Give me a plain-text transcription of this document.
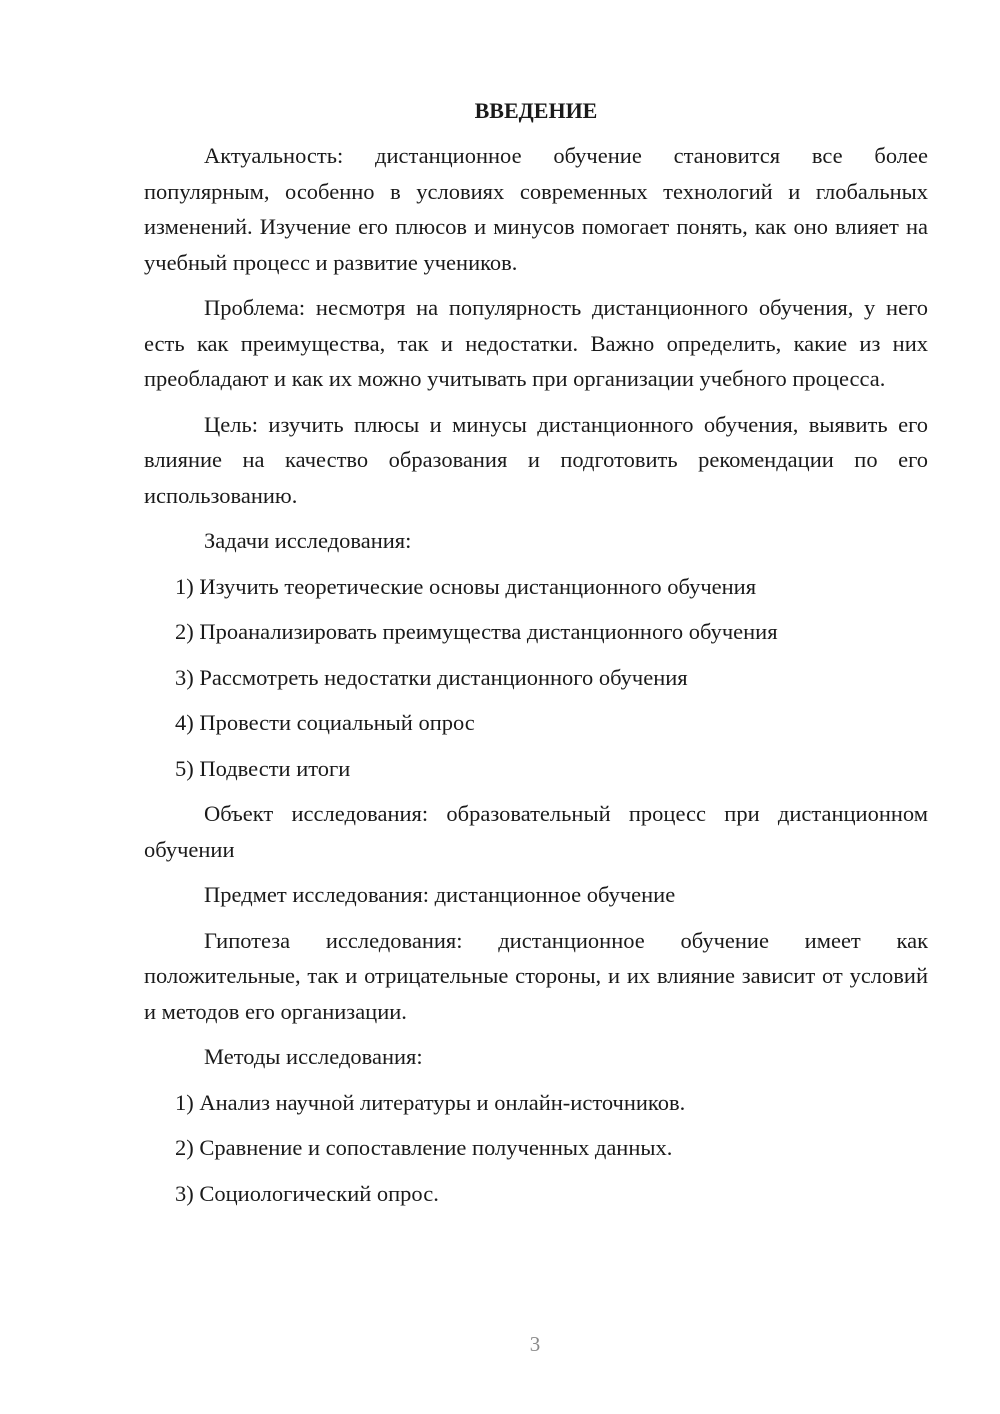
ВВЕДЕНИЕ

Актуальность: дистанционное обучение становится все более популярным, особенно в условиях современных технологий и глобальных изменений. Изучение его плюсов и минусов помогает понять, как оно влияет на учебный процесс и развитие учеников.

Проблема: несмотря на популярность дистанционного обучения, у него есть как преимущества, так и недостатки. Важно определить, какие из них преобладают и как их можно учитывать при организации учебного процесса.

Цель: изучить плюсы и минусы дистанционного обучения, выявить его влияние на качество образования и подготовить рекомендации по его использованию.

Задачи исследования:

1) Изучить теоретические основы дистанционного обучения

2) Проанализировать преимущества дистанционного обучения

3) Рассмотреть недостатки дистанционного обучения

4) Провести социальный опрос

5) Подвести итоги

Объект исследования: образовательный процесс при дистанционном обучении

Предмет исследования: дистанционное обучение

Гипотеза исследования: дистанционное обучение имеет как положительные, так и отрицательные стороны, и их влияние зависит от условий и методов его организации.

Методы исследования:

1) Анализ научной литературы и онлайн-источников.

2) Сравнение и сопоставление полученных данных.

3) Социологический опрос.

3
